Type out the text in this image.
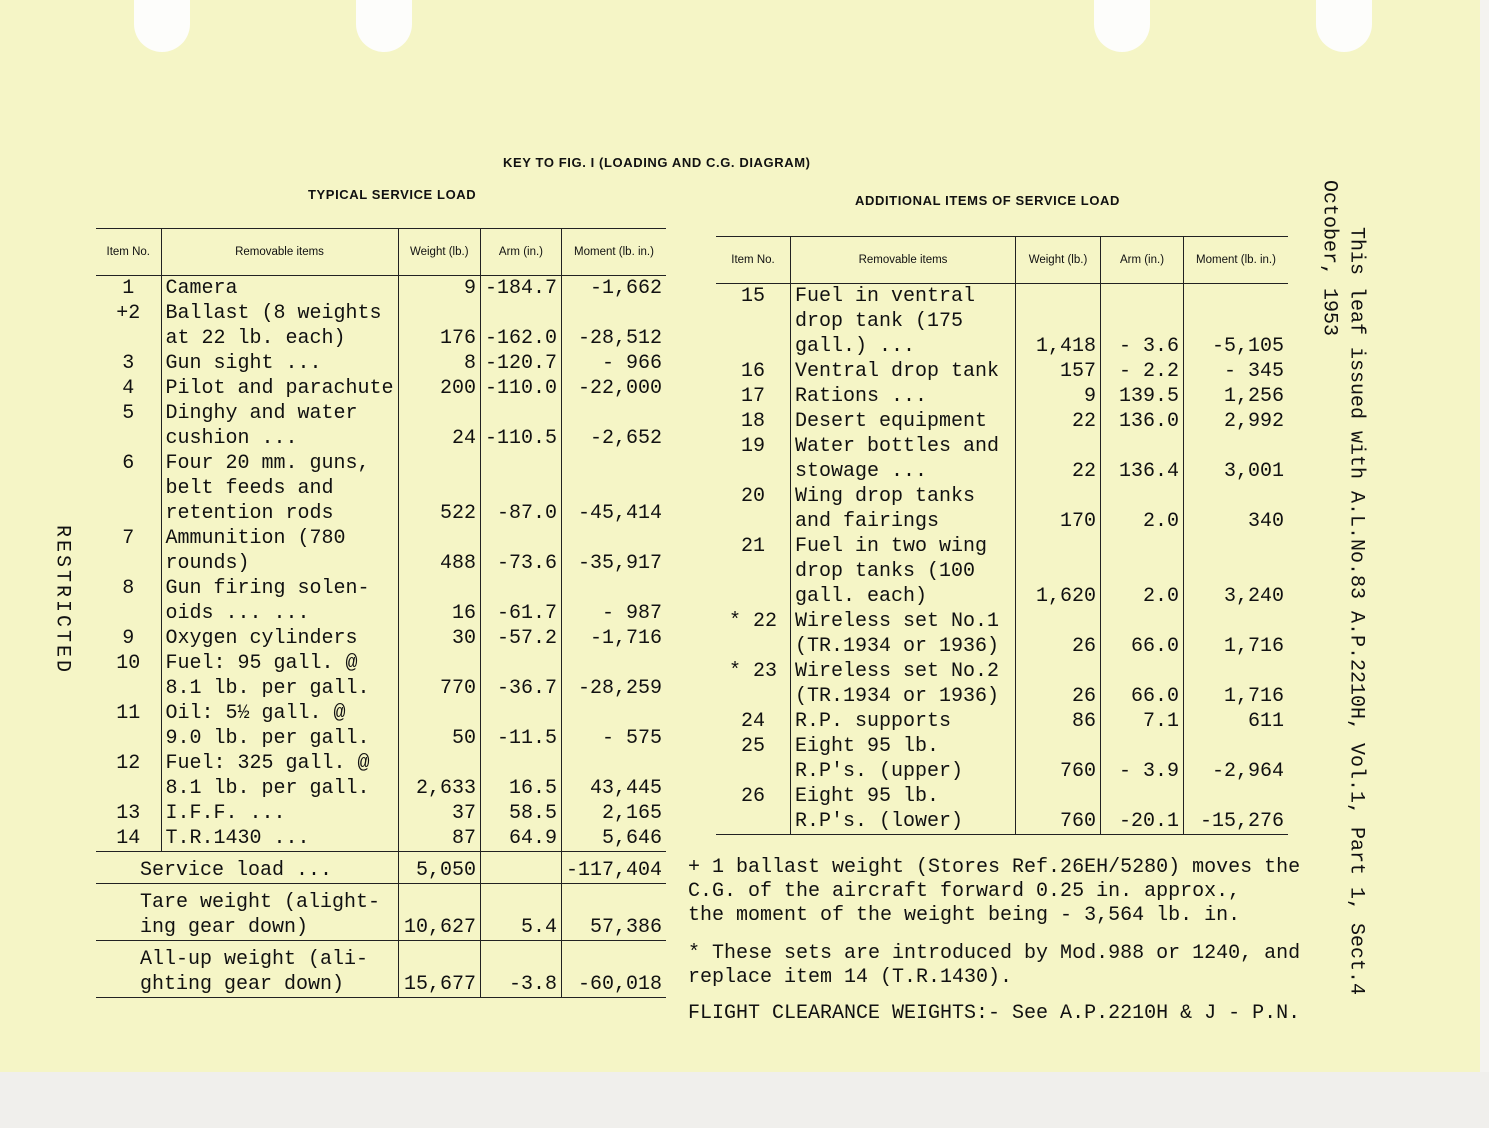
KEY TO FIG. I (LOADING AND C.G. DIAGRAM)
TYPICAL SERVICE LOAD	ADDITIONAL ITEMS OF SERVICE LOAD
RESTRICTED	This leaf issued with A.L.No.83 A.P.2210H, Vol.1, Part 1, Sect.4
October, 1953
Item No.	Removable items	Weight (lb.)	Arm (in.)	Moment (lb. in.)
1	Camera	9	-184.7	-1,662
+2	Ballast (8 weights			
	at 22 lb. each)	176	-162.0	-28,512
3	Gun sight ...	8	-120.7	- 966
4	Pilot and parachute	200	-110.0	-22,000
5	Dinghy and water			
	cushion ...	24	-110.5	-2,652
6	Four 20 mm. guns,			
	belt feeds and			
	retention rods	522	-87.0	-45,414
7	Ammunition (780			
	rounds)	488	-73.6	-35,917
8	Gun firing solen-			
	oids ... ...	16	-61.7	- 987
9	Oxygen cylinders	30	-57.2	-1,716
10	Fuel: 95 gall. @			
	8.1 lb. per gall.	770	-36.7	-28,259
11	Oil: 5½ gall. @			
	9.0 lb. per gall.	50	-11.5	- 575
12	Fuel: 325 gall. @			
	8.1 lb. per gall.	2,633	16.5	43,445
13	I.F.F. ...	37	58.5	2,165
14	T.R.1430 ...	87	64.9	5,646
Service load ...		5,050		-117,404
Tare weight (alight-				
ing gear down)		10,627	5.4	57,386
All-up weight (ali-				
ghting gear down)		15,677	-3.8	-60,018
Item No.	Removable items	Weight (lb.)	Arm (in.)	Moment (lb. in.)
15	Fuel in ventral			
	drop tank (175			
	gall.) ...	1,418	- 3.6	-5,105
16	Ventral drop tank	157	- 2.2	- 345
17	Rations ...	9	139.5	1,256
18	Desert equipment	22	136.0	2,992
19	Water bottles and			
	stowage ...	22	136.4	3,001
20	Wing drop tanks			
	and fairings	170	2.0	340
21	Fuel in two wing			
	drop tanks (100			
	gall. each)	1,620	2.0	3,240
* 22	Wireless set No.1			
	(TR.1934 or 1936)	26	66.0	1,716
* 23	Wireless set No.2			
	(TR.1934 or 1936)	26	66.0	1,716
24	R.P. supports	86	7.1	611
25	Eight 95 lb.			
	R.P's. (upper)	760	- 3.9	-2,964
26	Eight 95 lb.			
	R.P's. (lower)	760	-20.1	-15,276
+ 1 ballast weight (Stores Ref.26EH/5280) moves the
C.G. of the aircraft forward 0.25 in. approx.,
the moment of the weight being - 3,564 lb. in.
* These sets are introduced by Mod.988 or 1240, and
replace item 14 (T.R.1430).
FLIGHT CLEARANCE WEIGHTS:- See A.P.2210H & J - P.N.
